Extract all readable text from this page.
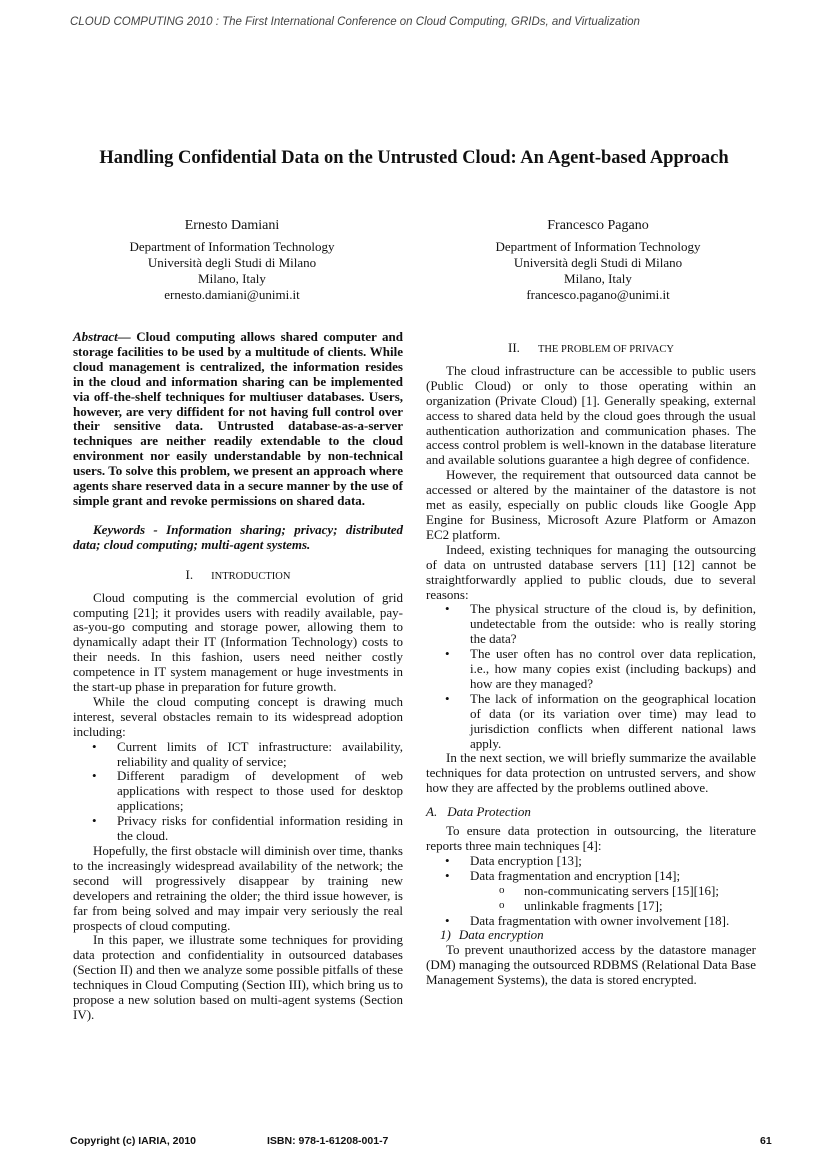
CLOUD COMPUTING 2010 : The First International Conference on Cloud Computing, GRIDs, and Virtualization
Handling Confidential Data on the Untrusted Cloud: An Agent-based Approach
Ernesto Damiani
Department of Information Technology
Università degli Studi di Milano
Milano, Italy
ernesto.damiani@unimi.it
Francesco Pagano
Department of Information Technology
Università degli Studi di Milano
Milano, Italy
francesco.pagano@unimi.it

Abstract— Cloud computing allows shared computer and storage facilities to be used by a multitude of clients. While cloud management is centralized, the information resides in the cloud and information sharing can be implemented via off-the-shelf techniques for multiuser databases. Users, however, are very diffident for not having full control over their sensitive data. Untrusted database-as-a-server techniques are neither readily extendable to the cloud environment nor easily understandable by non-technical users. To solve this problem, we present an approach where agents share reserved data in a secure manner by the use of simple grant and revoke permissions on shared data.

Keywords - Information sharing; privacy; distributed data; cloud computing; multi-agent systems.

I. INTRODUCTION

Cloud computing is the commercial evolution of grid computing [21]; it provides users with readily available, pay-as-you-go computing and storage power, allowing them to dynamically adapt their IT (Information Technology) costs to their needs. In this fashion, users need neither costly competence in IT system management or huge investments in the start-up phase in preparation for future growth.

While the cloud computing concept is drawing much interest, several obstacles remain to its widespread adoption including:

• Current limits of ICT infrastructure: availability, reliability and quality of service;
• Different paradigm of development of web applications with respect to those used for desktop applications;
• Privacy risks for confidential information residing in the cloud.

Hopefully, the first obstacle will diminish over time, thanks to the increasingly widespread availability of the network; the second will progressively disappear by training new developers and retraining the older; the third issue however, is far from being solved and may impair very seriously the real prospects of cloud computing.

In this paper, we illustrate some techniques for providing data protection and confidentiality in outsourced databases (Section II) and then we analyze some possible pitfalls of these techniques in Cloud Computing (Section III), which bring us to propose a new solution based on multi-agent systems (Section IV).

II. THE PROBLEM OF PRIVACY

The cloud infrastructure can be accessible to public users (Public Cloud) or only to those operating within an organization (Private Cloud) [1]. Generally speaking, external access to shared data held by the cloud goes through the usual authentication authorization and communication phases. The access control problem is well-known in the database literature and available solutions guarantee a high degree of confidence.

However, the requirement that outsourced data cannot be accessed or altered by the maintainer of the datastore is not met as easily, especially on public clouds like Google App Engine for Business, Microsoft Azure Platform or Amazon EC2 platform.

Indeed, existing techniques for managing the outsourcing of data on untrusted database servers [11] [12] cannot be straightforwardly applied to public clouds, due to several reasons:

• The physical structure of the cloud is, by definition, undetectable from the outside: who is really storing the data?
• The user often has no control over data replication, i.e., how many copies exist (including backups) and how are they managed?
• The lack of information on the geographical location of data (or its variation over time) may lead to jurisdiction conflicts when different national laws apply.

In the next section, we will briefly summarize the available techniques for data protection on untrusted servers, and show how they are affected by the problems outlined above.

A. Data Protection

To ensure data protection in outsourcing, the literature reports three main techniques [4]:

• Data encryption [13];
• Data fragmentation and encryption [14];
o non-communicating servers [15][16];
o unlinkable fragments [17];
• Data fragmentation with owner involvement [18].
1) Data encryption

To prevent unauthorized access by the datastore manager (DM) managing the outsourced RDBMS (Relational Data Base Management Systems), the data is stored encrypted.

Copyright (c) IARIA, 2010	ISBN: 978-1-61208-001-7	61
